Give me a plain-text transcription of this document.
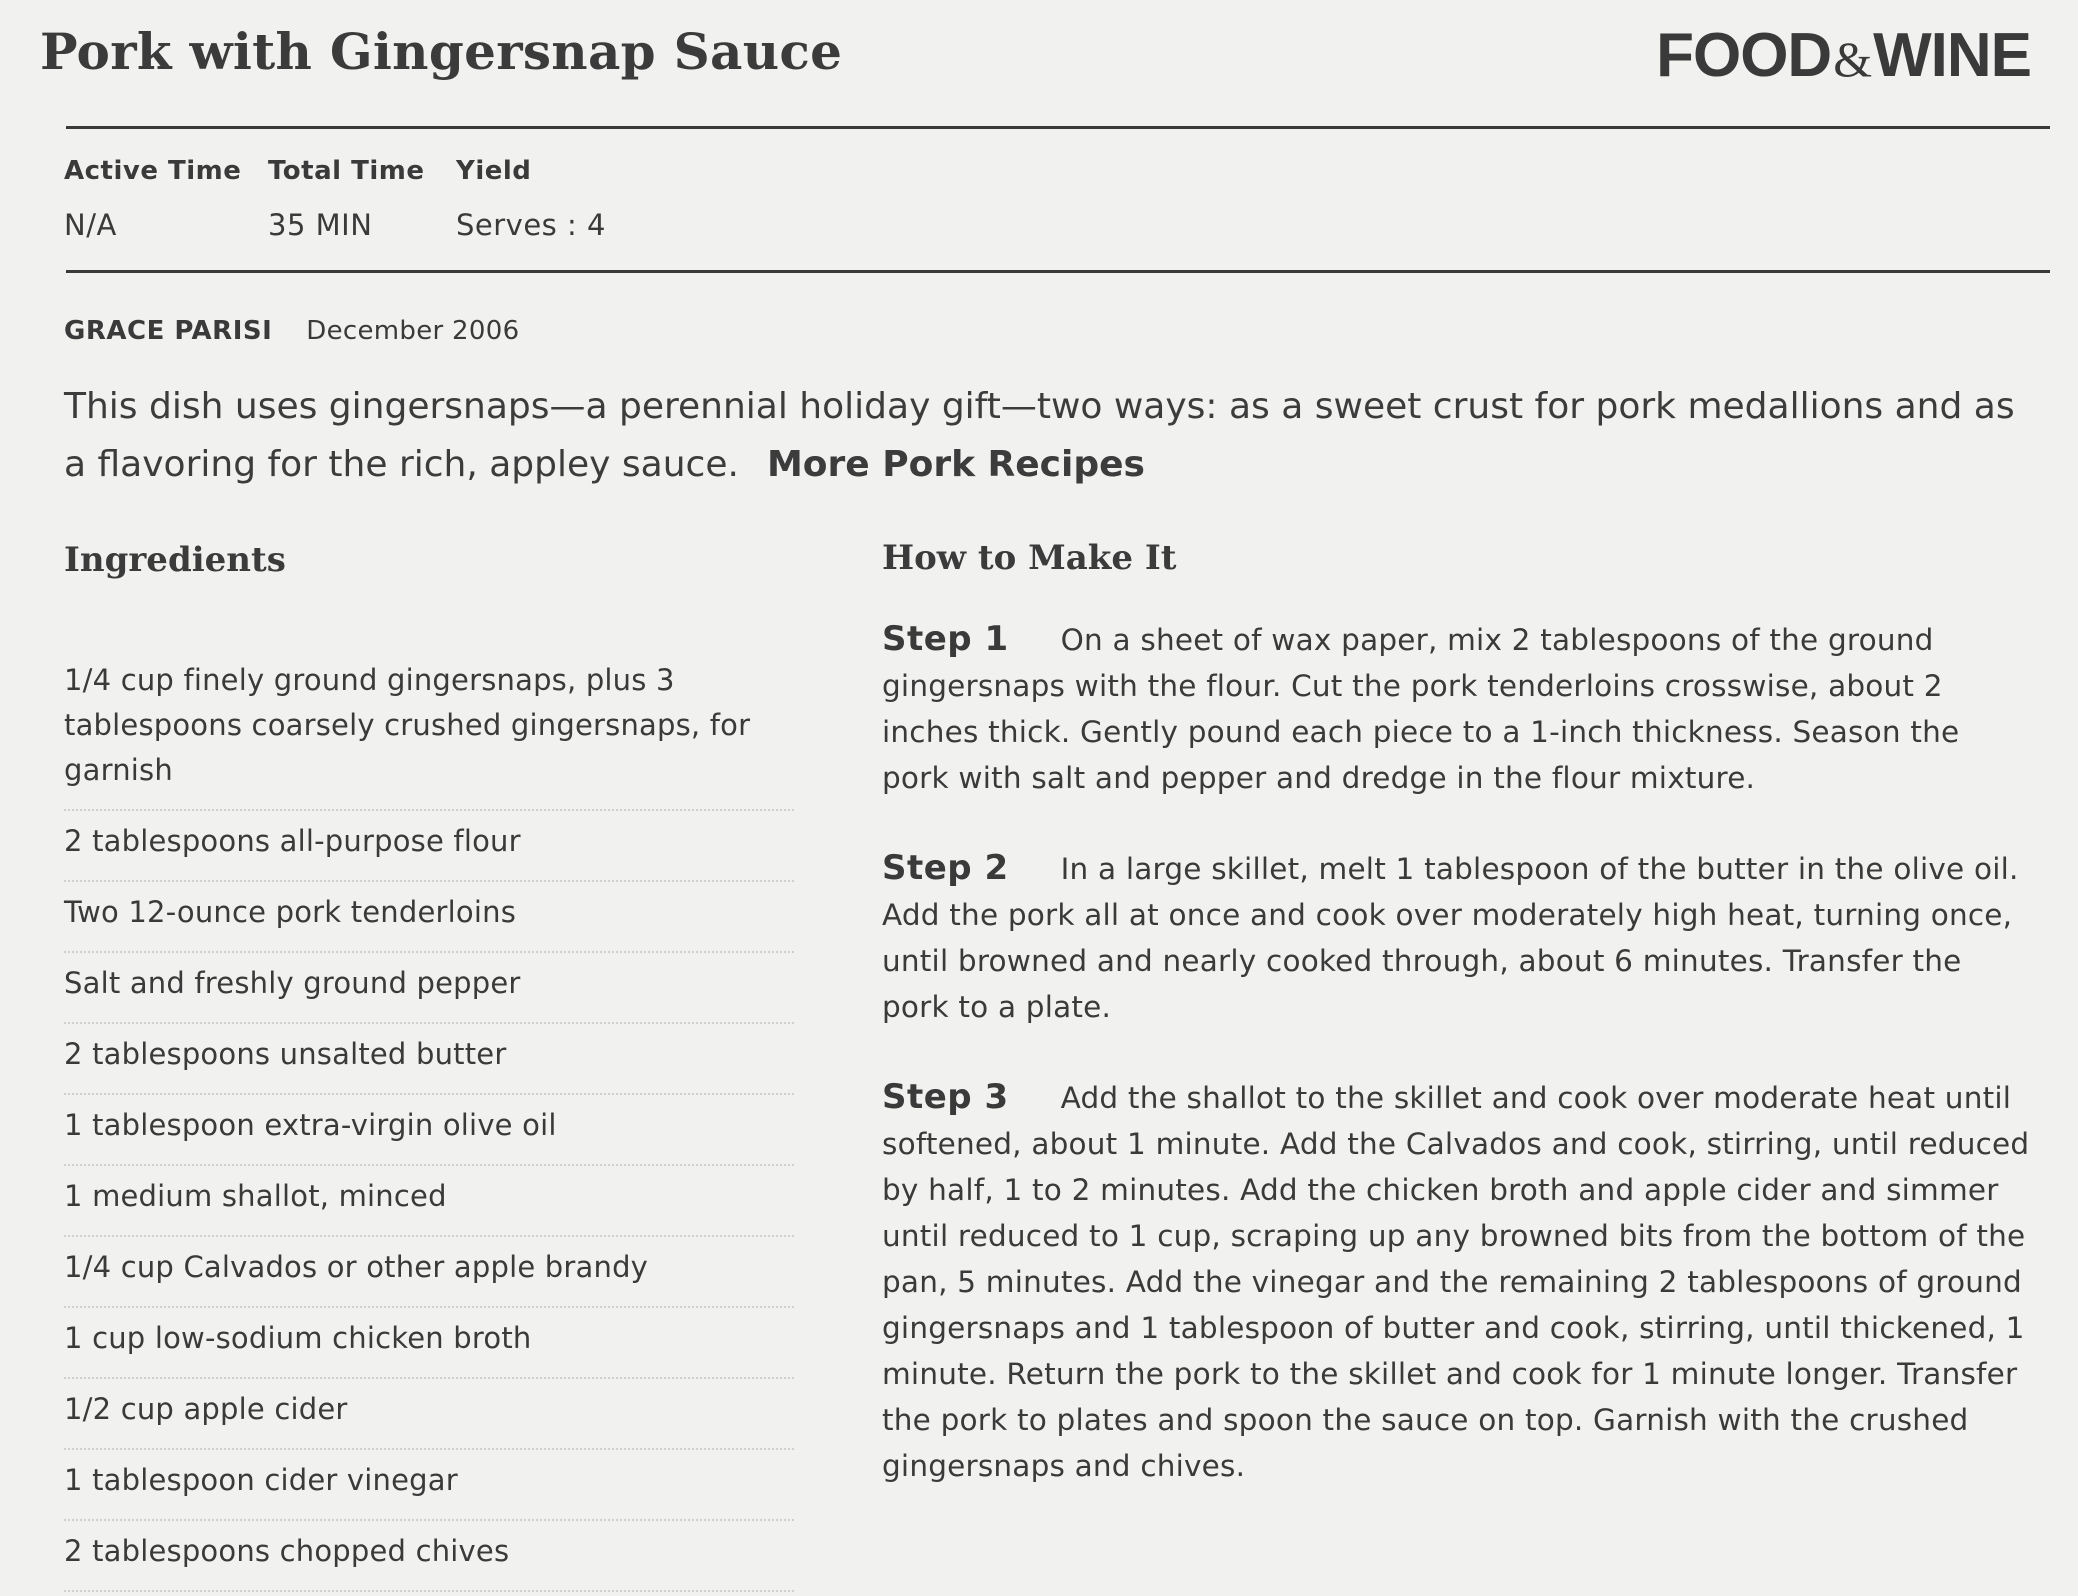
Pork with Gingersnap Sauce	FOOD&WINE
Active Time
N/A
Total Time
35 MIN
Yield
Serves : 4
GRACE PARISI December 2006

This dish uses gingersnaps—a perennial holiday gift—two ways: as a sweet crust for pork medallions and as a flavoring for the rich, appley sauce. More Pork Recipes

Ingredients	How to Make It
1/4 cup finely ground gingersnaps, plus 3 tablespoons coarsely crushed gingersnaps, for garnish
2 tablespoons all-purpose flour
Two 12-ounce pork tenderloins
Salt and freshly ground pepper
2 tablespoons unsalted butter
1 tablespoon extra-virgin olive oil
1 medium shallot, minced
1/4 cup Calvados or other apple brandy
1 cup low-sodium chicken broth
1/2 cup apple cider
1 tablespoon cider vinegar
2 tablespoons chopped chives

Step 1 On a sheet of wax paper, mix 2 tablespoons of the ground gingersnaps with the flour. Cut the pork tenderloins crosswise, about 2 inches thick. Gently pound each piece to a 1-inch thickness. Season the pork with salt and pepper and dredge in the flour mixture.

Step 2 In a large skillet, melt 1 tablespoon of the butter in the olive oil. Add the pork all at once and cook over moderately high heat, turning once, until browned and nearly cooked through, about 6 minutes. Transfer the pork to a plate.

Step 3 Add the shallot to the skillet and cook over moderate heat until softened, about 1 minute. Add the Calvados and cook, stirring, until reduced by half, 1 to 2 minutes. Add the chicken broth and apple cider and simmer until reduced to 1 cup, scraping up any browned bits from the bottom of the pan, 5 minutes. Add the vinegar and the remaining 2 tablespoons of ground gingersnaps and 1 tablespoon of butter and cook, stirring, until thickened, 1 minute. Return the pork to the skillet and cook for 1 minute longer. Transfer the pork to plates and spoon the sauce on top. Garnish with the crushed gingersnaps and chives.
